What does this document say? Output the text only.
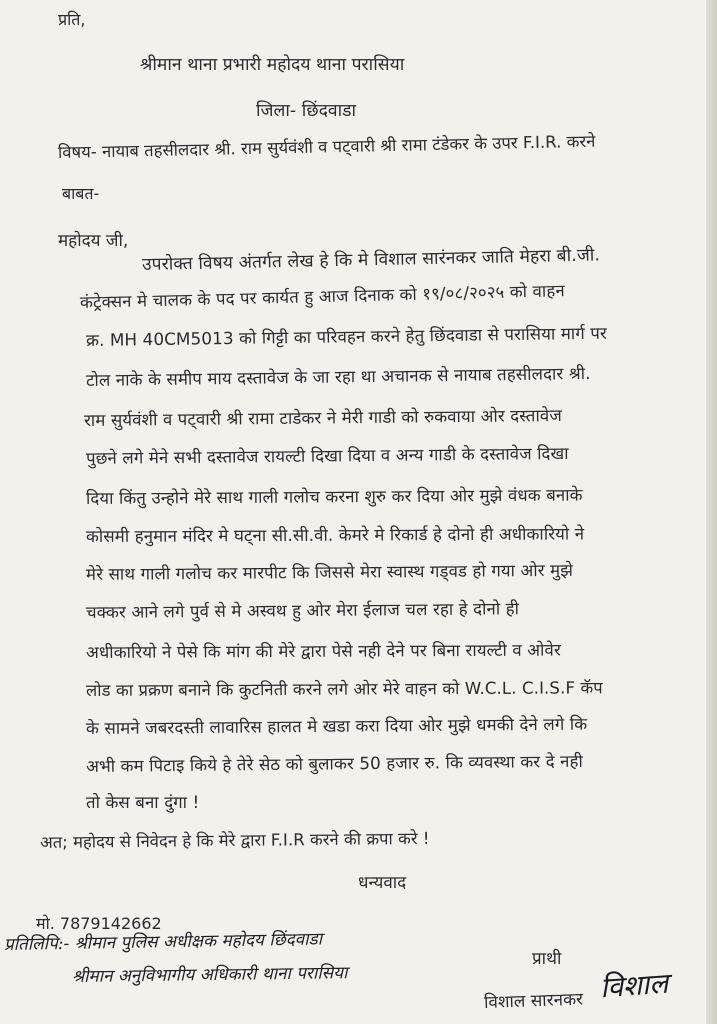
प्रति,
श्रीमान थाना प्रभारी महोदय थाना परासिया
जिला- छिंदवाडा
विषय- नायाब तहसीलदार श्री. राम सुर्यवंशी व पट्वारी श्री रामा टंडेकर के उपर F.I.R. करने
बाबत-
महोदय जी,
उपरोक्त विषय अंतर्गत लेख हे कि मे विशाल सारंनकर जाति मेहरा बी.जी.
कंट्रेक्सन मे चालक के पद पर कार्यत हु आज दिनाक को १९/०८/२०२५ को वाहन
क्र. MH 40CM5013 को गिट्टी का परिवहन करने हेतु छिंदवाडा से परासिया मार्ग पर
टोल नाके के समीप माय दस्तावेज के जा रहा था अचानक से नायाब तहसीलदार श्री.
राम सुर्यवंशी व पट्वारी श्री रामा टाडेकर ने मेरी गाडी को रुकवाया ओर दस्तावेज
पुछने लगे मेने सभी दस्तावेज रायल्टी दिखा दिया व अन्य गाडी के दस्तावेज दिखा
दिया किंतु उन्होने मेरे साथ गाली गलोच करना शुरु कर दिया ओर मुझे वंधक बनाके
कोसमी हनुमान मंदिर मे घट्ना सी.सी.वी. केमरे मे रिकार्ड हे दोनो ही अधीकारियो ने
मेरे साथ गाली गलोच कर मारपीट कि जिससे मेरा स्वास्थ गड्वड हो गया ओर मुझे
चक्कर आने लगे पुर्व से मे अस्वथ हु ओर मेरा ईलाज चल रहा हे दोनो ही
अधीकारियो ने पेसे कि मांग की मेरे द्वारा पेसे नही देने पर बिना रायल्टी व ओवेर
लोड का प्रक्रण बनाने कि कुटनिती करने लगे ओर मेरे वाहन को W.C.L. C.I.S.F कॅप
के सामने जबरदस्ती लावारिस हालत मे खडा करा दिया ओर मुझे धमकी देने लगे कि
अभी कम पिटाइ किये हे तेरे सेठ को बुलाकर 50 हजार रु. कि व्यवस्था कर दे नही
तो केस बना दुंगा !
अत; महोदय से निवेदन हे कि मेरे द्वारा F.I.R करने की क्रपा करे !
धन्यवाद
मो. 7879142662
प्रतिलिपि:- श्रीमान पुलिस अधीक्षक महोदय छिंदवाडा
श्रीमान अनुविभागीय अधिकारी थाना परासिया
प्राथी
विशाल सारनकर विशाल
